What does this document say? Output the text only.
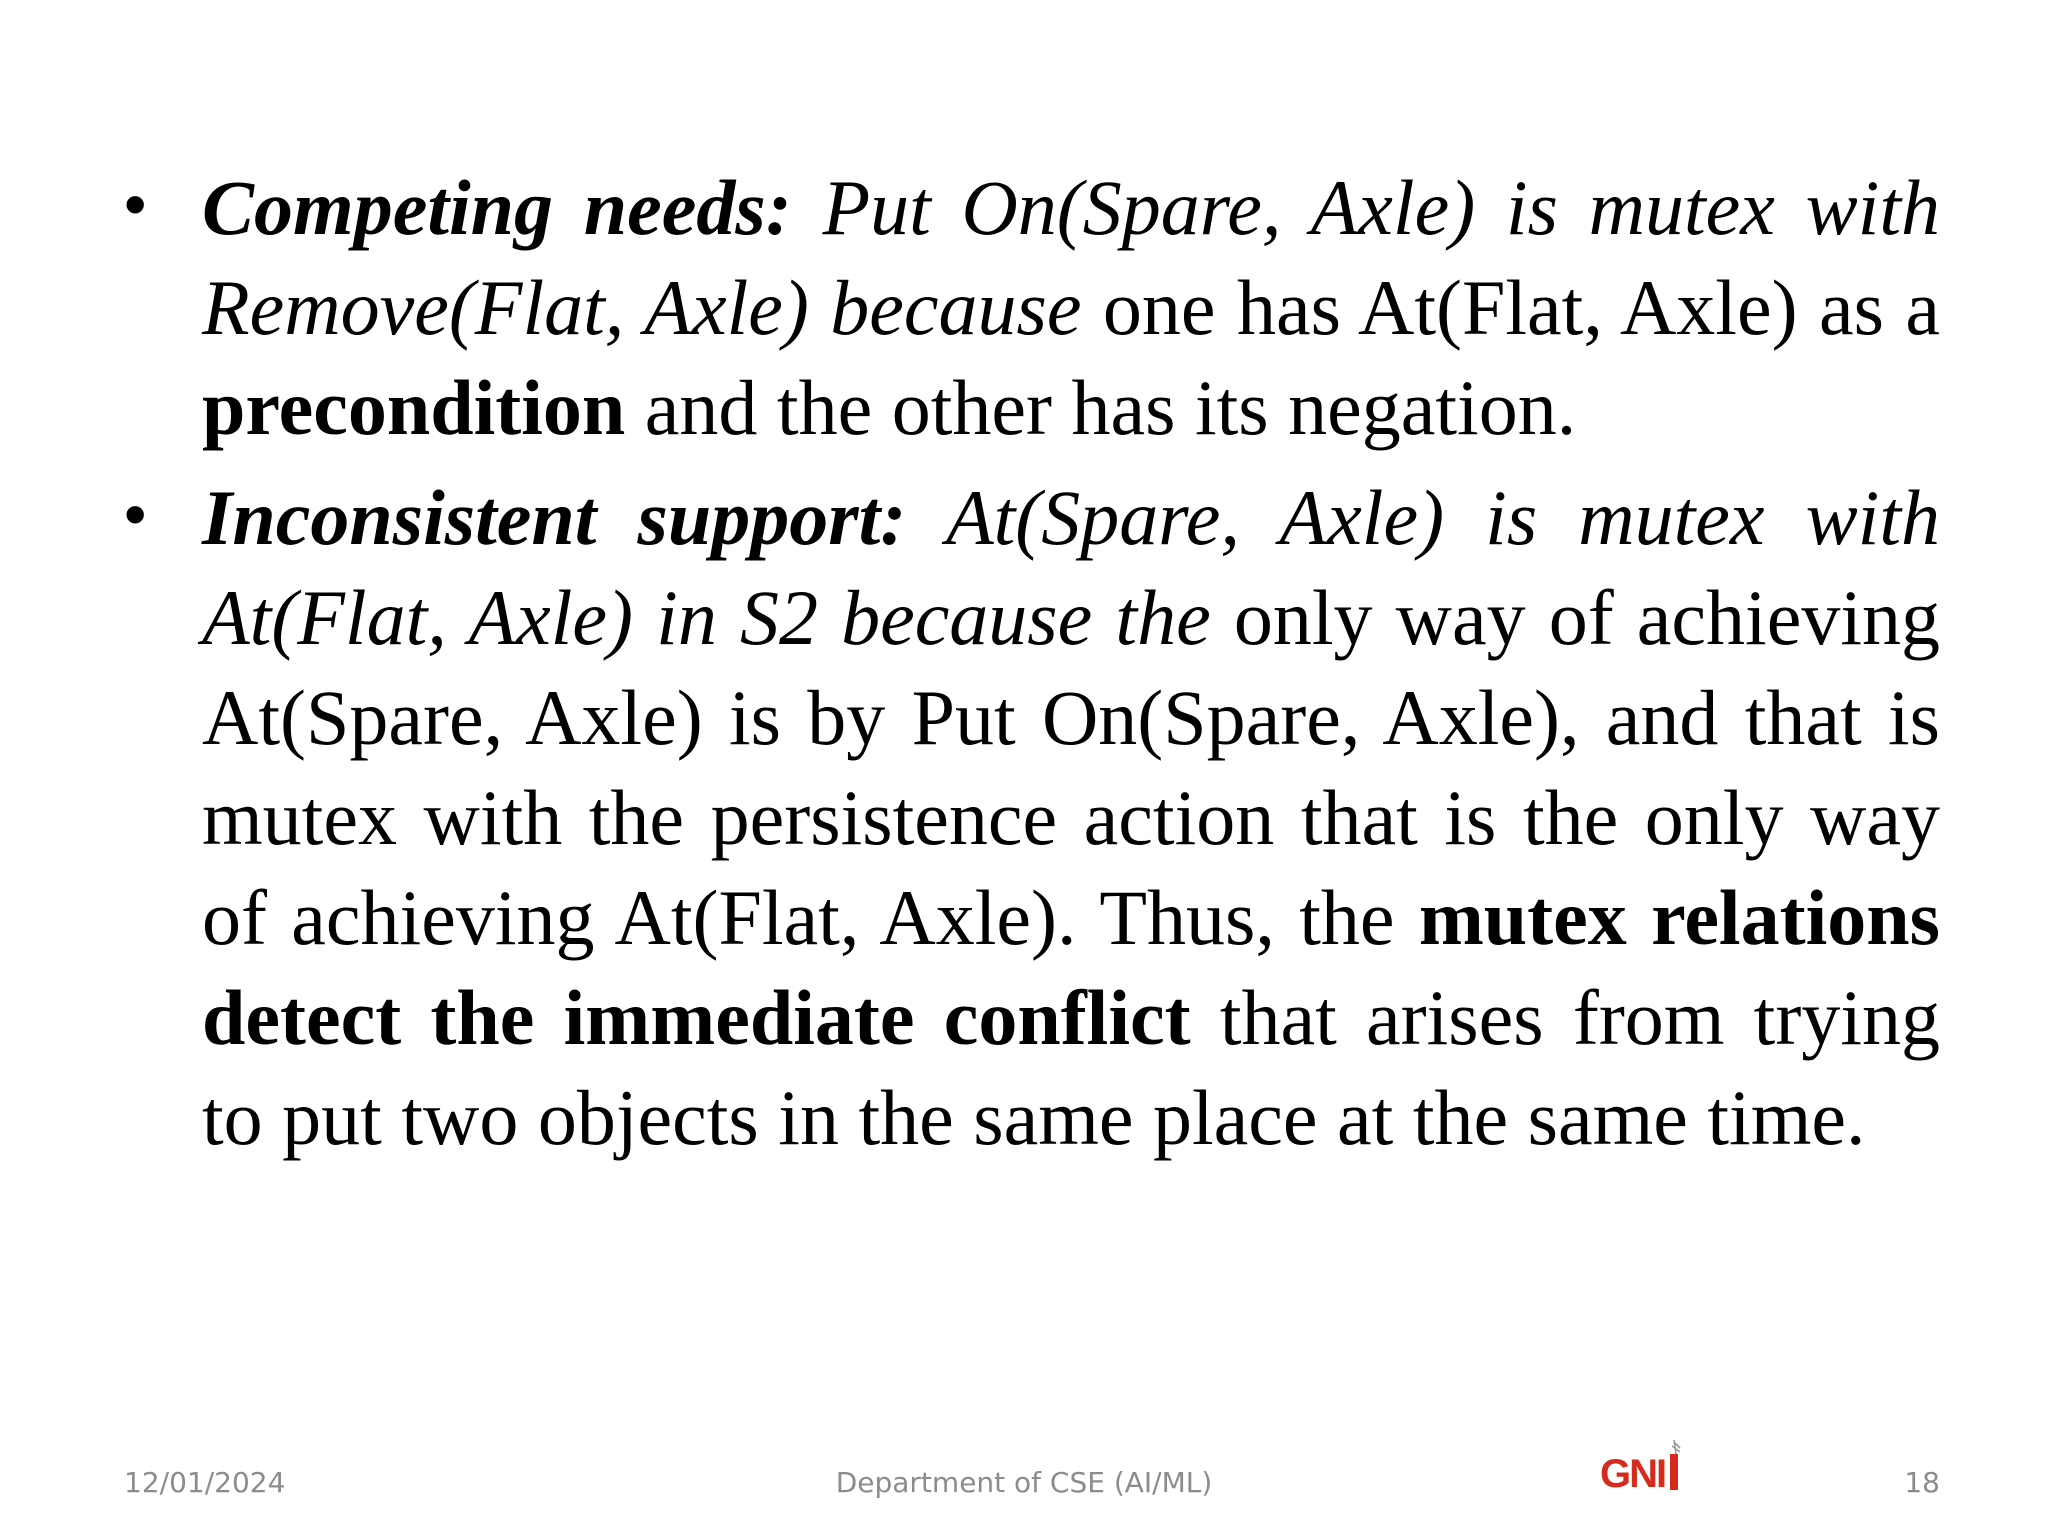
• Competing needs: Put On(Spare, Axle) is mutex with Remove(Flat, Axle) because one has At(Flat, Axle) as a precondition and the other has its negation.
• Inconsistent support: At(Spare, Axle) is mutex with At(Flat, Axle) in S2 because the only way of achieving At(Spare, Axle) is by Put On(Spare, Axle), and that is mutex with the persistence action that is the only way of achieving At(Flat, Axle). Thus, the mutex relations detect the immediate conflict that arises from trying to put two objects in the same place at the same time.
12/01/2024	Department of CSE (AI/ML)	GNI	18
